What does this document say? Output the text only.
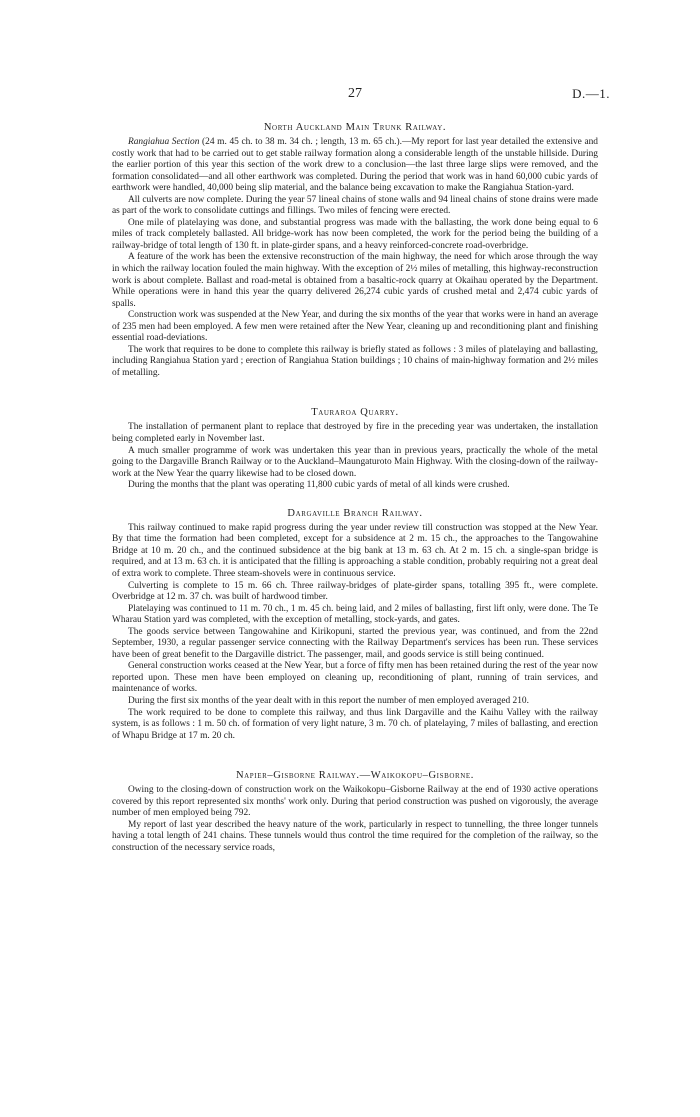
27	D.—1.
North Auckland Main Trunk Railway.

Rangiahua Section (24 m. 45 ch. to 38 m. 34 ch. ; length, 13 m. 65 ch.).—My report for last year detailed the extensive and costly work that had to be carried out to get stable railway formation along a considerable length of the unstable hillside. During the earlier portion of this year this section of the work drew to a conclusion—the last three large slips were removed, and the formation consolidated—and all other earthwork was completed. During the period that work was in hand 60,000 cubic yards of earthwork were handled, 40,000 being slip material, and the balance being excavation to make the Rangiahua Station-yard.

All culverts are now complete. During the year 57 lineal chains of stone walls and 94 lineal chains of stone drains were made as part of the work to consolidate cuttings and fillings. Two miles of fencing were erected.

One mile of platelaying was done, and substantial progress was made with the ballasting, the work done being equal to 6 miles of track completely ballasted. All bridge-work has now been completed, the work for the period being the building of a railway-bridge of total length of 130 ft. in plate-girder spans, and a heavy reinforced-concrete road-overbridge.

A feature of the work has been the extensive reconstruction of the main highway, the need for which arose through the way in which the railway location fouled the main highway. With the exception of 2½ miles of metalling, this highway-reconstruction work is about complete. Ballast and road-metal is obtained from a basaltic-rock quarry at Okaihau operated by the Department. While operations were in hand this year the quarry delivered 26,274 cubic yards of crushed metal and 2,474 cubic yards of spalls.

Construction work was suspended at the New Year, and during the six months of the year that works were in hand an average of 235 men had been employed. A few men were retained after the New Year, cleaning up and reconditioning plant and finishing essential road-deviations.

The work that requires to be done to complete this railway is briefly stated as follows : 3 miles of platelaying and ballasting, including Rangiahua Station yard ; erection of Rangiahua Station buildings ; 10 chains of main-highway formation and 2½ miles of metalling.

Tauraroa Quarry.

The installation of permanent plant to replace that destroyed by fire in the preceding year was undertaken, the installation being completed early in November last.

A much smaller programme of work was undertaken this year than in previous years, practically the whole of the metal going to the Dargaville Branch Railway or to the Auckland–Maungaturoto Main Highway. With the closing-down of the railway-work at the New Year the quarry likewise had to be closed down.

During the months that the plant was operating 11,800 cubic yards of metal of all kinds were crushed.

Dargaville Branch Railway.

This railway continued to make rapid progress during the year under review till construction was stopped at the New Year. By that time the formation had been completed, except for a subsidence at 2 m. 15 ch., the approaches to the Tangowahine Bridge at 10 m. 20 ch., and the continued subsidence at the big bank at 13 m. 63 ch. At 2 m. 15 ch. a single-span bridge is required, and at 13 m. 63 ch. it is anticipated that the filling is approaching a stable condition, probably requiring not a great deal of extra work to complete. Three steam-shovels were in continuous service.

Culverting is complete to 15 m. 66 ch. Three railway-bridges of plate-girder spans, totalling 395 ft., were complete. Overbridge at 12 m. 37 ch. was built of hardwood timber.

Platelaying was continued to 11 m. 70 ch., 1 m. 45 ch. being laid, and 2 miles of ballasting, first lift only, were done. The Te Wharau Station yard was completed, with the exception of metalling, stock-yards, and gates.

The goods service between Tangowahine and Kirikopuni, started the previous year, was continued, and from the 22nd September, 1930, a regular passenger service connecting with the Railway Department's services has been run. These services have been of great benefit to the Dargaville district. The passenger, mail, and goods service is still being continued.

General construction works ceased at the New Year, but a force of fifty men has been retained during the rest of the year now reported upon. These men have been employed on cleaning up, reconditioning of plant, running of train services, and maintenance of works.

During the first six months of the year dealt with in this report the number of men employed averaged 210.

The work required to be done to complete this railway, and thus link Dargaville and the Kaihu Valley with the railway system, is as follows : 1 m. 50 ch. of formation of very light nature, 3 m. 70 ch. of platelaying, 7 miles of ballasting, and erection of Whapu Bridge at 17 m. 20 ch.

Napier–Gisborne Railway.—Waikokopu–Gisborne.

Owing to the closing-down of construction work on the Waikokopu–Gisborne Railway at the end of 1930 active operations covered by this report represented six months' work only. During that period construction was pushed on vigorously, the average number of men employed being 792.

My report of last year described the heavy nature of the work, particularly in respect to tunnelling, the three longer tunnels having a total length of 241 chains. These tunnels would thus control the time required for the completion of the railway, so the construction of the necessary service roads,
